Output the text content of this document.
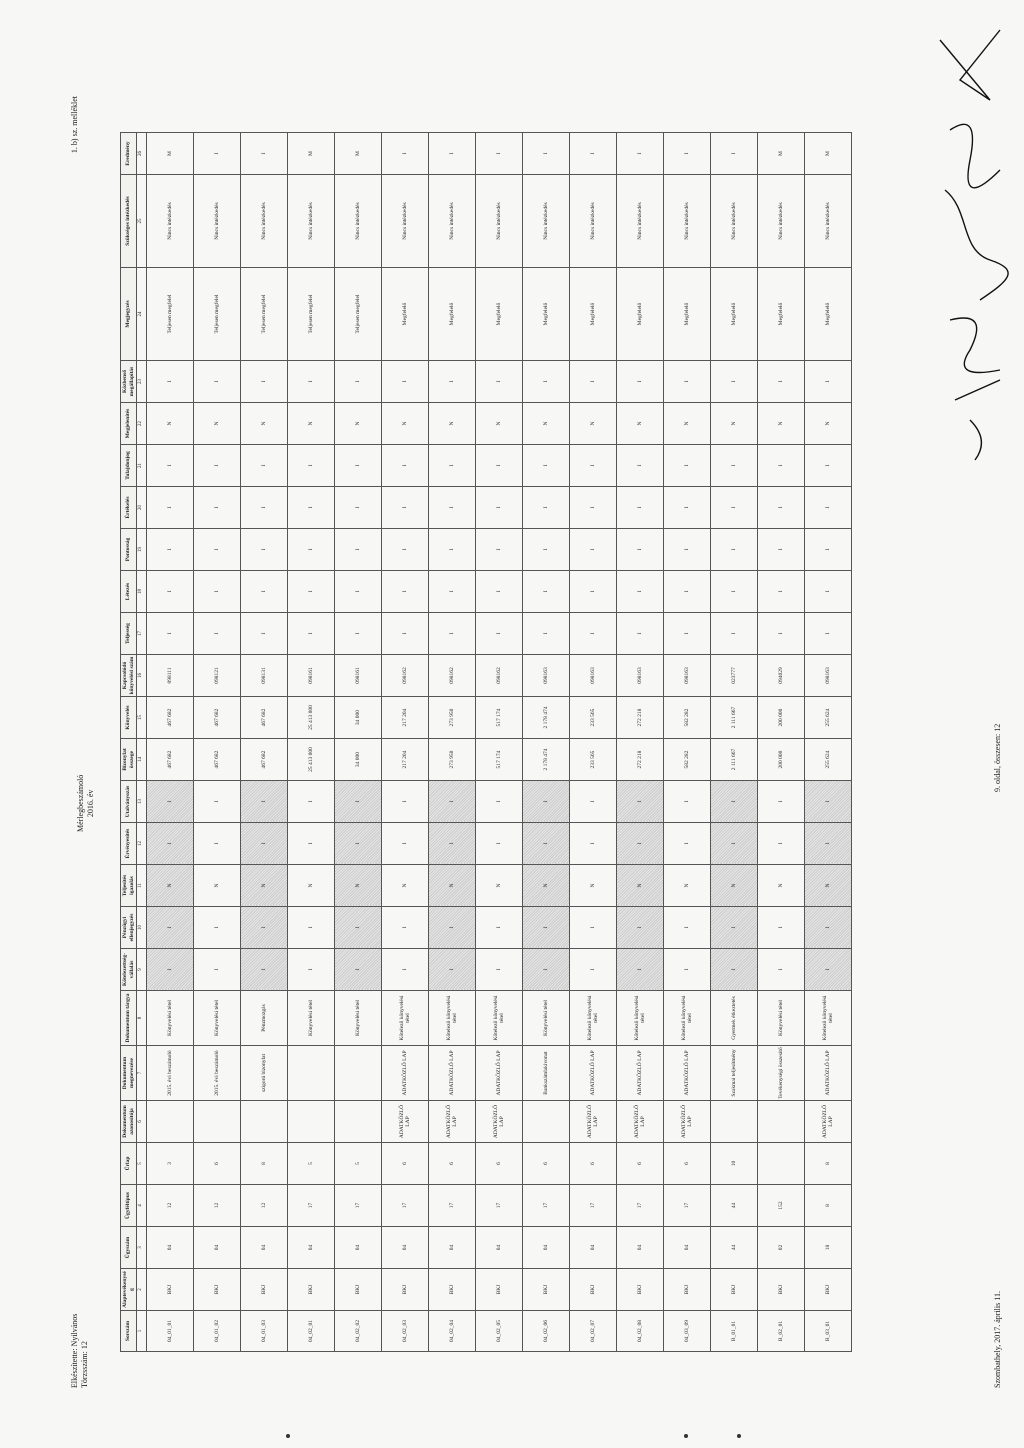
Elkészítette: Nyilvános Törzsszám: 12
Mérlegbeszámoló 2016. év
1. b) sz. melléklet
Sorszám	Alaptevékenység	Ügyszám	Ügyféltípus	Űrlap	Dokumentum azonosítója	Dokumentum megnevezése	Dokumentum tárgya	Kötelezettség-vállalás	Pénzügyi ellenjegyzés	Teljesítés igazolás	Érvényesítés	Utalványozás	Bizonylat összege	Könyvelés	Kapcsolódó könyvelési szám	Teljesség	Létezés	Pontosság	Értékelés	Tulajdonjog	Megjelenítés	Közbenső megállapítás	Megjegyzés	Szükséges intézkedés	Eredmény
1	2	3	4	5	6	7	8	9	10	11	12	13	14	15	16	17	18	19	20	21	22	23	24	25	26
04_01_01	BKJ	04	12	3		2015. évi beszámoló	Könyvelési tétel	I	I	N	I	I	467 682	467 682	098111	I	I	I	I	I	N	I	Teljesen megfelel	Nincs intézkedés	M
04_01_02	BKJ	04	12	6		2015. évi beszámoló	Könyvelési tétel	I	I	N	I	I	467 682	467 682	098121	I	I	I	I	I	N	I	Teljesen megfelel	Nincs intézkedés	I
04_01_03	BKJ	04	12	8		szigorú bizonylat	Pénzmozgás	I	I	N	I	I	467 682	467 682	098131	I	I	I	I	I	N	I	Teljesen megfelel	Nincs intézkedés	I
04_02_01	BKJ	04	17	5			Könyvelési tétel	I	I	N	I	I	25 413 000	25 413 000	098161	I	I	I	I	I	N	I	Teljesen megfelel	Nincs intézkedés	M
04_02_02	BKJ	04	17	5			Könyvelési tétel	I	I	N	I	I	34 000	34 000	098161	I	I	I	I	I	N	I	Teljesen megfelel	Nincs intézkedés	M
04_02_03	BKJ	04	17	6	ADATKÖZLŐ LAP	ADATKÖZLŐ LAP	Kötelező könyvelési tétel	I	I	N	I	I	217 204	217 204	098162	I	I	I	I	I	N	I	Megfelelő	Nincs intézkedés	I
04_02_04	BKJ	04	17	6	ADATKÖZLŐ LAP	ADATKÖZLŐ LAP	Kötelező könyvelési tétel	I	I	N	I	I	273 950	273 950	098162	I	I	I	I	I	N	I	Megfelelő	Nincs intézkedés	I
04_02_05	BKJ	04	17	6	ADATKÖZLŐ LAP	ADATKÖZLŐ LAP	Kötelező könyvelési tétel	I	I	N	I	I	517 174	517 174	098162	I	I	I	I	I	N	I	Megfelelő	Nincs intézkedés	I
04_02_06	BKJ	04	17	6		Bankszámlakivonat	Könyvelési tétel	I	I	N	I	I	2 178 474	2 178 474	098163	I	I	I	I	I	N	I	Megfelelő	Nincs intézkedés	I
04_02_07	BKJ	04	17	6	ADATKÖZLŐ LAP	ADATKÖZLŐ LAP	Kötelező könyvelési tétel	I	I	N	I	I	233 565	233 565	098163	I	I	I	I	I	N	I	Megfelelő	Nincs intézkedés	I
04_02_08	BKJ	04	17	6	ADATKÖZLŐ LAP	ADATKÖZLŐ LAP	Kötelező könyvelési tétel	I	I	N	I	I	272 218	272 218	098163	I	I	I	I	I	N	I	Megfelelő	Nincs intézkedés	I
04_03_09	BKJ	04	17	6	ADATKÖZLŐ LAP	ADATKÖZLŐ LAP	Kötelező könyvelési tétel	I	I	N	I	I	582 282	582 282	098163	I	I	I	I	I	N	I	Megfelelő	Nincs intézkedés	I
B_01_01	BKJ	44	44	10		Szakmai teljesítmény	Gyermek étkeztetés	I	I	N	I	I	2 111 667	2 111 667	023777	I	I	I	I	I	N	I	Megfelelő	Nincs intézkedés	I
B_02_01	BKJ	02	152			Tevékenységi összesítő	Könyvelési tétel	I	I	N	I	I	200 000	200 000	094029	I	I	I	I	I	N	I	Megfelelő	Nincs intézkedés	M
B_03_01	BKJ	18	8	8	ADATKÖZLŐ LAP	ADATKÖZLŐ LAP	Kötelező könyvelési tétel	I	I	N	I	I	255 624	255 624	098163	I	I	I	I	I	N	I	Megfelelő	Nincs intézkedés	M
Szombathely, 2017. április 11.
9. oldal, összesen: 12
